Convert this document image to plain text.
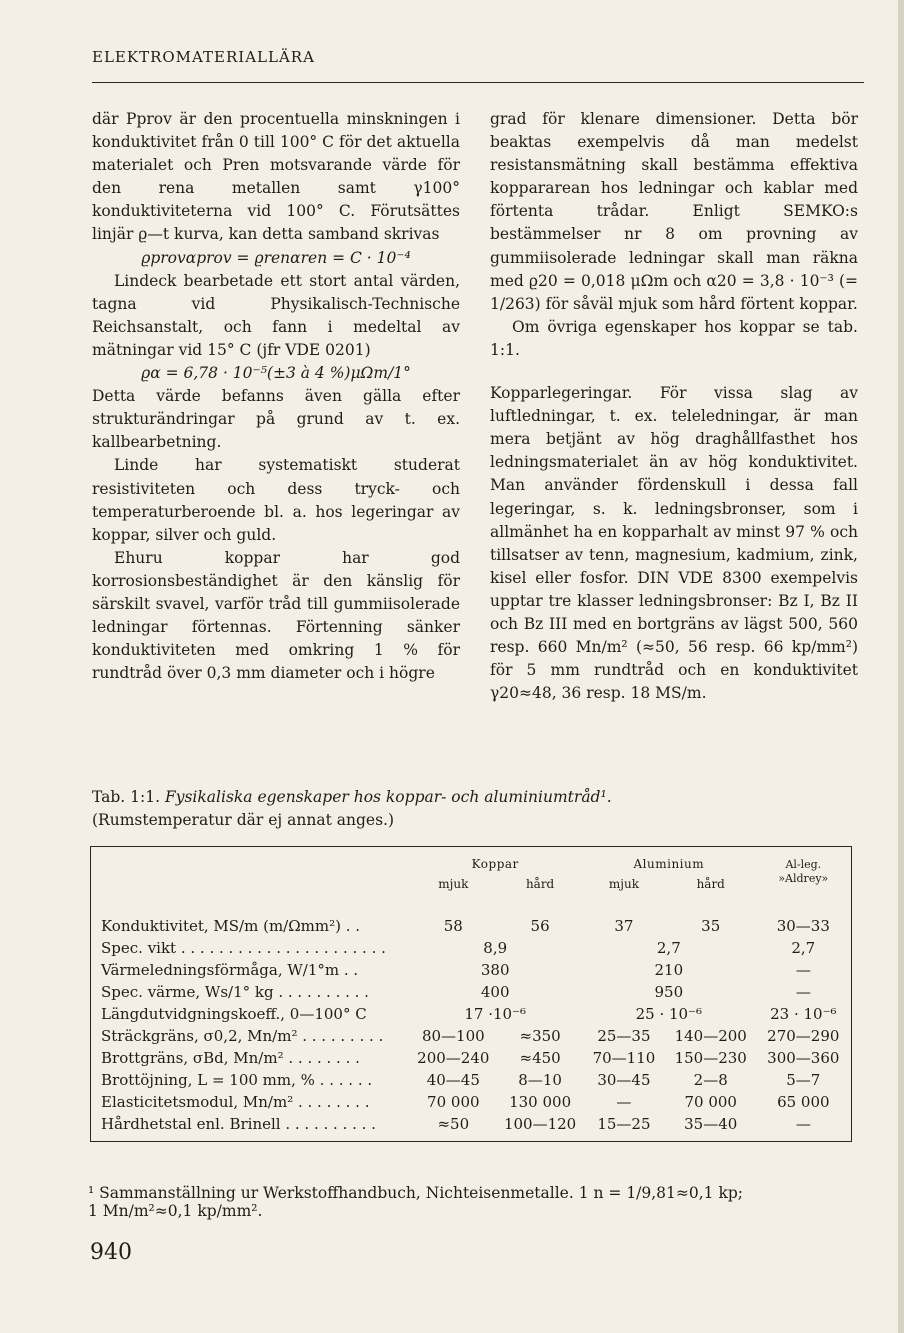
ELEKTROMATERIALLÄRA

där Pprov är den procentuella minskningen i konduktivitet från 0 till 100° C för det aktuella materialet och Pren motsvarande värde för den rena metallen samt γ100° konduktiviteterna vid 100° C. Förutsättes linjär ϱ—t kurva, kan detta samband skrivas

ϱprovαprov = ϱrenαren = C · 10⁻⁴

Lindeck bearbetade ett stort antal värden, tagna vid Physikalisch-Technische Reichsanstalt, och fann i medeltal av mätningar vid 15° C (jfr VDE 0201)

ϱα = 6,78 · 10⁻⁵(±3 à 4 %)μΩm/1°

Detta värde befanns även gälla efter strukturändringar på grund av t. ex. kallbearbetning.

Linde har systematiskt studerat resistiviteten och dess tryck- och temperaturberoende bl. a. hos legeringar av koppar, silver och guld.

Ehuru koppar har god korrosionsbeständighet är den känslig för särskilt svavel, varför tråd till gummiisolerade ledningar förtennas. Förtenning sänker konduktiviteten med omkring 1 % för rundtråd över 0,3 mm diameter och i högre

grad för klenare dimensioner. Detta bör beaktas exempelvis då man medelst resistansmätning skall bestämma effektiva koppararean hos ledningar och kablar med förtenta trådar. Enligt SEMKO:s bestämmelser nr 8 om provning av gummiisolerade ledningar skall man räkna med ϱ20 = 0,018 μΩm och α20 = 3,8 · 10⁻³ (= 1/263) för såväl mjuk som hård förtent koppar.

Om övriga egenskaper hos koppar se tab. 1:1.

Kopparlegeringar. För vissa slag av luftledningar, t. ex. teleledningar, är man mera betjänt av hög draghållfasthet hos ledningsmaterialet än av hög konduktivitet. Man använder fördenskull i dessa fall legeringar, s. k. ledningsbronser, som i allmänhet ha en kopparhalt av minst 97 % och tillsatser av tenn, magnesium, kadmium, zink, kisel eller fosfor. DIN VDE 8300 exempelvis upptar tre klasser ledningsbronser: Bz I, Bz II och Bz III med en bortgräns av lägst 500, 560 resp. 660 Mn/m² (≈50, 56 resp. 66 kp/mm²) för 5 mm rundtråd och en konduktivitet γ20≈48, 36 resp. 18 MS/m.

Tab. 1:1. Fysikaliska egenskaper hos koppar- och aluminiumtråd¹.
(Rumstemperatur där ej annat anges.)
	Koppar		Aluminium		Al-leg.
»Aldrey»

	mjuk	hård	mjuk	hård	

Konduktivitet, MS/m (m/Ωmm²) . .	58	56	37	35	30—33
Spec. vikt . . . . . . . . . . . . . . . . . . . . . .	8,9		2,7		2,7
Värmeledningsförmåga, W/1°m . .	380		210		—
Spec. värme, Ws/1° kg . . . . . . . . . .	400		950		—
Längdutvidgningskoeff., 0—100° C	17 ·10⁻⁶		25 · 10⁻⁶		23 · 10⁻⁶
Sträckgräns, σ0,2, Mn/m² . . . . . . . . .	80—100	≈350	25—35	140—200	270—290
Brottgräns, σBd, Mn/m² . . . . . . . .	200—240	≈450	70—110	150—230	300—360
Brottöjning, L = 100 mm, % . . . . . .	40—45	8—10	30—45	2—8	5—7
Elasticitetsmodul, Mn/m² . . . . . . . .	70 000	130 000	—	70 000	65 000
Hårdhetstal enl. Brinell . . . . . . . . . .	≈50	100—120	15—25	35—40	—

¹ Sammanställning ur Werkstoffhandbuch, Nichteisenmetalle. 1 n = 1/9,81≈0,1 kp;
1 Mn/m²≈0,1 kp/mm².
940
